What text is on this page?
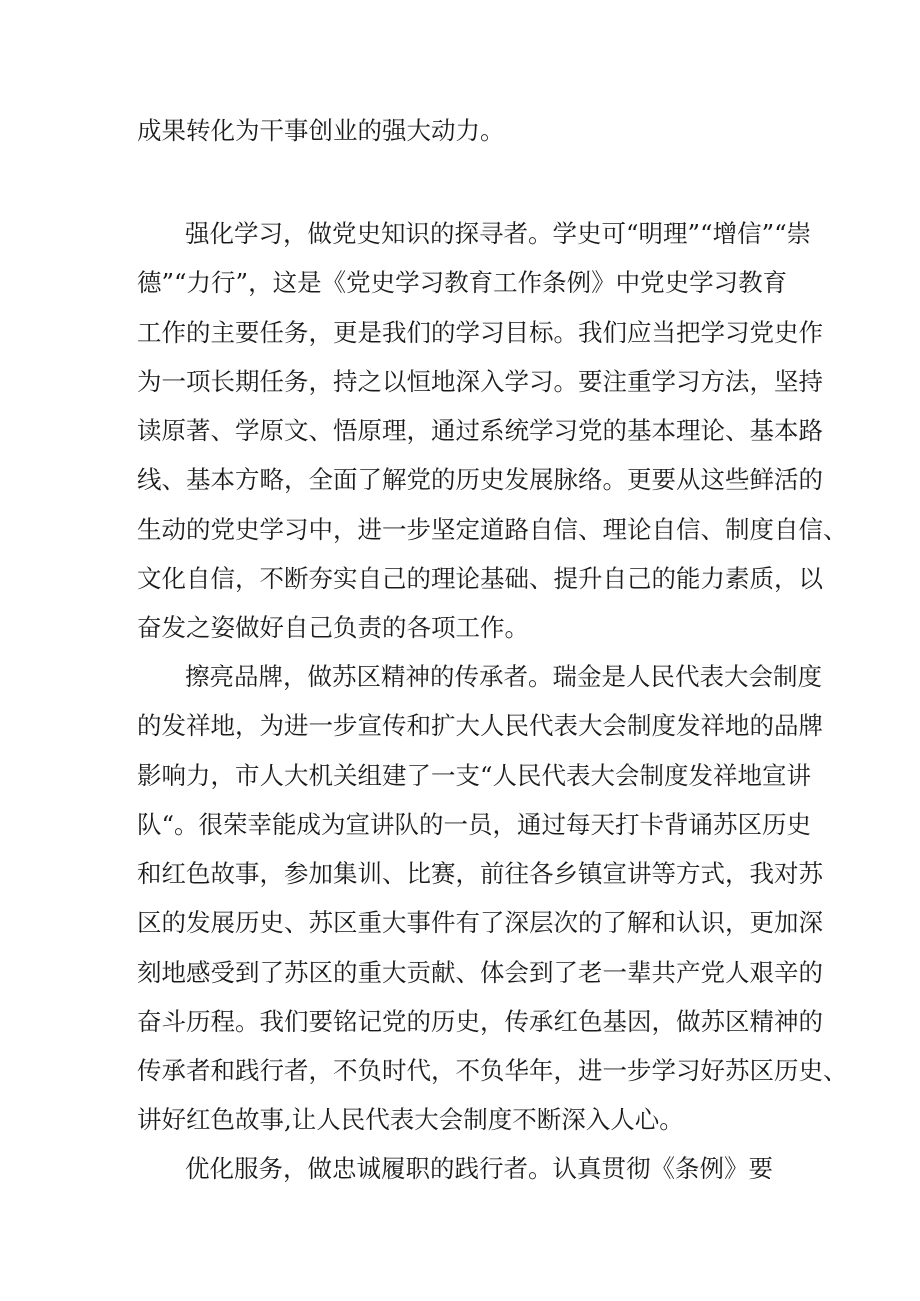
成果转化为干事创业的强大动力。
强化学习，做党史知识的探寻者。学史可“明理”“增信”“崇
德”“力行”，这是《党史学习教育工作条例》中党史学习教育
工作的主要任务，更是我们的学习目标。我们应当把学习党史作
为一项长期任务，持之以恒地深入学习。要注重学习方法，坚持
读原著、学原文、悟原理，通过系统学习党的基本理论、基本路
线、基本方略，全面了解党的历史发展脉络。更要从这些鲜活的
生动的党史学习中，进一步坚定道路自信、理论自信、制度自信、
文化自信，不断夯实自己的理论基础、提升自己的能力素质，以
奋发之姿做好自己负责的各项工作。
擦亮品牌，做苏区精神的传承者。瑞金是人民代表大会制度
的发祥地，为进一步宣传和扩大人民代表大会制度发祥地的品牌
影响力，市人大机关组建了一支“人民代表大会制度发祥地宣讲
队“。很荣幸能成为宣讲队的一员，通过每天打卡背诵苏区历史
和红色故事，参加集训、比赛，前往各乡镇宣讲等方式，我对苏
区的发展历史、苏区重大事件有了深层次的了解和认识，更加深
刻地感受到了苏区的重大贡献、体会到了老一辈共产党人艰辛的
奋斗历程。我们要铭记党的历史，传承红色基因，做苏区精神的
传承者和践行者，不负时代，不负华年，进一步学习好苏区历史、
讲好红色故事,让人民代表大会制度不断深入人心。
优化服务，做忠诚履职的践行者。认真贯彻《条例》要
